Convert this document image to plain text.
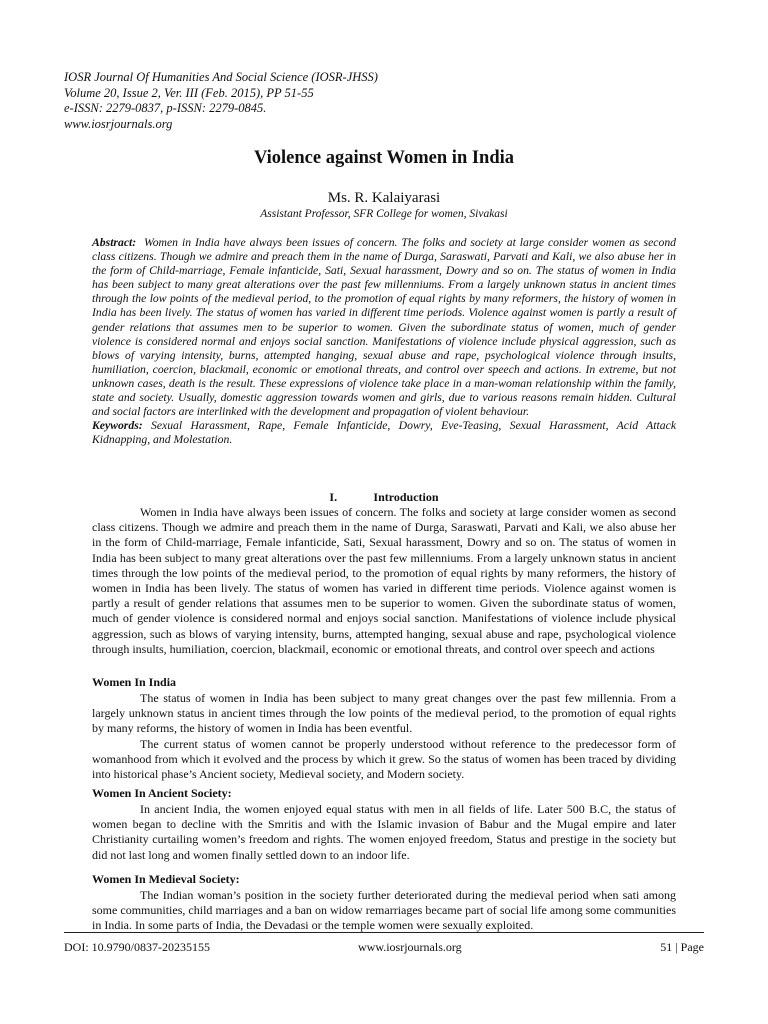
IOSR Journal Of Humanities And Social Science (IOSR-JHSS)
Volume 20, Issue 2, Ver. III (Feb. 2015), PP 51-55
e-ISSN: 2279-0837, p-ISSN: 2279-0845.
www.iosrjournals.org
Violence against Women in India
Ms. R. Kalaiyarasi
Assistant Professor, SFR College for women, Sivakasi

Abstract: Women in India have always been issues of concern. The folks and society at large consider women as second class citizens. Though we admire and preach them in the name of Durga, Saraswati, Parvati and Kali, we also abuse her in the form of Child-marriage, Female infanticide, Sati, Sexual harassment, Dowry and so on. The status of women in India has been subject to many great alterations over the past few millenniums. From a largely unknown status in ancient times through the low points of the medieval period, to the promotion of equal rights by many reformers, the history of women in India has been lively. The status of women has varied in different time periods. Violence against women is partly a result of gender relations that assumes men to be superior to women. Given the subordinate status of women, much of gender violence is considered normal and enjoys social sanction. Manifestations of violence include physical aggression, such as blows of varying intensity, burns, attempted hanging, sexual abuse and rape, psychological violence through insults, humiliation, coercion, blackmail, economic or emotional threats, and control over speech and actions. In extreme, but not unknown cases, death is the result. These expressions of violence take place in a man-woman relationship within the family, state and society. Usually, domestic aggression towards women and girls, due to various reasons remain hidden. Cultural and social factors are interlinked with the development and propagation of violent behaviour.

Keywords: Sexual Harassment, Rape, Female Infanticide, Dowry, Eve-Teasing, Sexual Harassment, Acid Attack Kidnapping, and Molestation.

I.	Introduction

Women in India have always been issues of concern. The folks and society at large consider women as second class citizens. Though we admire and preach them in the name of Durga, Saraswati, Parvati and Kali, we also abuse her in the form of Child-marriage, Female infanticide, Sati, Sexual harassment, Dowry and so on. The status of women in India has been subject to many great alterations over the past few millenniums. From a largely unknown status in ancient times through the low points of the medieval period, to the promotion of equal rights by many reformers, the history of women in India has been lively. The status of women has varied in different time periods. Violence against women is partly a result of gender relations that assumes men to be superior to women. Given the subordinate status of women, much of gender violence is considered normal and enjoys social sanction. Manifestations of violence include physical aggression, such as blows of varying intensity, burns, attempted hanging, sexual abuse and rape, psychological violence through insults, humiliation, coercion, blackmail, economic or emotional threats, and control over speech and actions

Women In India

The status of women in India has been subject to many great changes over the past few millennia. From a largely unknown status in ancient times through the low points of the medieval period, to the promotion of equal rights by many reforms, the history of women in India has been eventful.

The current status of women cannot be properly understood without reference to the predecessor form of womanhood from which it evolved and the process by which it grew. So the status of women has been traced by dividing into historical phase’s Ancient society, Medieval society, and Modern society.

Women In Ancient Society:

In ancient India, the women enjoyed equal status with men in all fields of life. Later 500 B.C, the status of women began to decline with the Smritis and with the Islamic invasion of Babur and the Mugal empire and later Christianity curtailing women’s freedom and rights. The women enjoyed freedom, Status and prestige in the society but did not last long and women finally settled down to an indoor life.

Women In Medieval Society:

The Indian woman’s position in the society further deteriorated during the medieval period when sati among some communities, child marriages and a ban on widow remarriages became part of social life among some communities in India. In some parts of India, the Devadasi or the temple women were sexually exploited.

DOI: 10.9790/0837-20235155	www.iosrjournals.org	51 | Page
